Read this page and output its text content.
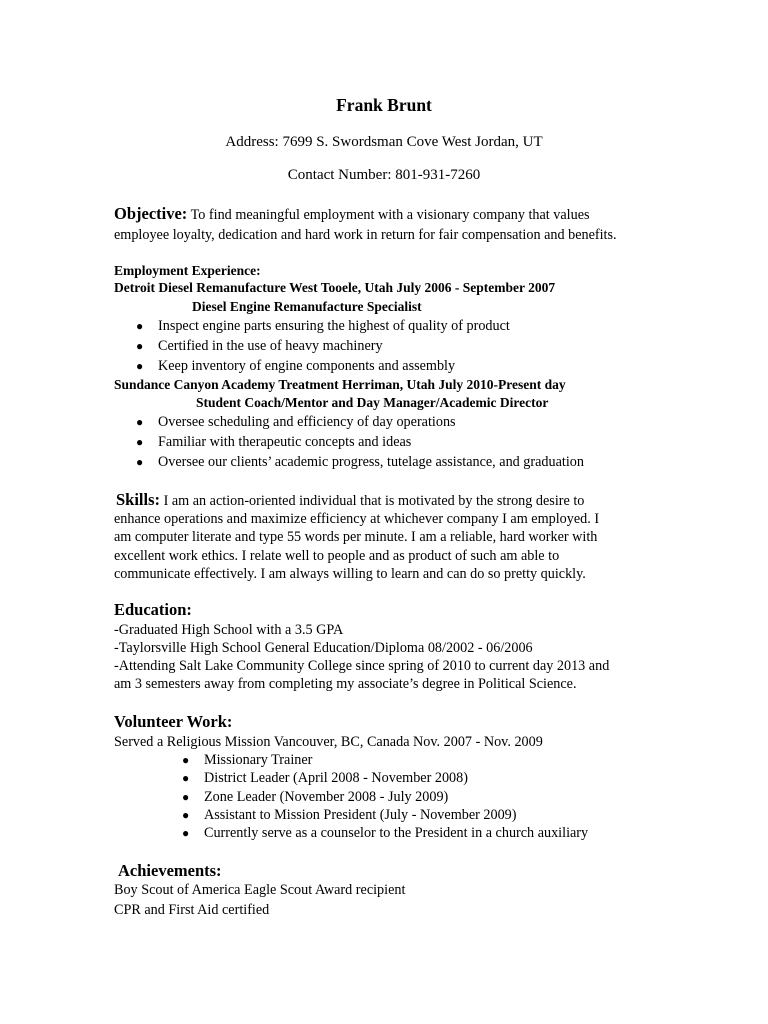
Frank Brunt
Address: 7699 S. Swordsman Cove West Jordan, UT
Contact Number: 801-931-7260
Objective: To find meaningful employment with a visionary company that values
employee loyalty, dedication and hard work in return for fair compensation and benefits.
Employment Experience:
Detroit Diesel Remanufacture West Tooele, Utah July 2006 - September 2007
Diesel Engine Remanufacture Specialist
● Inspect engine parts ensuring the highest of quality of product
● Certified in the use of heavy machinery
● Keep inventory of engine components and assembly
Sundance Canyon Academy Treatment Herriman, Utah July 2010-Present day
Student Coach/Mentor and Day Manager/Academic Director
● Oversee scheduling and efficiency of day operations
● Familiar with therapeutic concepts and ideas
● Oversee our clients’ academic progress, tutelage assistance, and graduation
Skills: I am an action-oriented individual that is motivated by the strong desire to
enhance operations and maximize efficiency at whichever company I am employed. I
am computer literate and type 55 words per minute. I am a reliable, hard worker with
excellent work ethics. I relate well to people and as product of such am able to
communicate effectively. I am always willing to learn and can do so pretty quickly.
Education:
-Graduated High School with a 3.5 GPA
-Taylorsville High School General Education/Diploma 08/2002 - 06/2006
-Attending Salt Lake Community College since spring of 2010 to current day 2013 and
am 3 semesters away from completing my associate’s degree in Political Science.
Volunteer Work:
Served a Religious Mission Vancouver, BC, Canada Nov. 2007 - Nov. 2009
● Missionary Trainer
● District Leader (April 2008 - November 2008)
● Zone Leader (November 2008 - July 2009)
● Assistant to Mission President (July - November 2009)
● Currently serve as a counselor to the President in a church auxiliary
Achievements:
Boy Scout of America Eagle Scout Award recipient
CPR and First Aid certified
